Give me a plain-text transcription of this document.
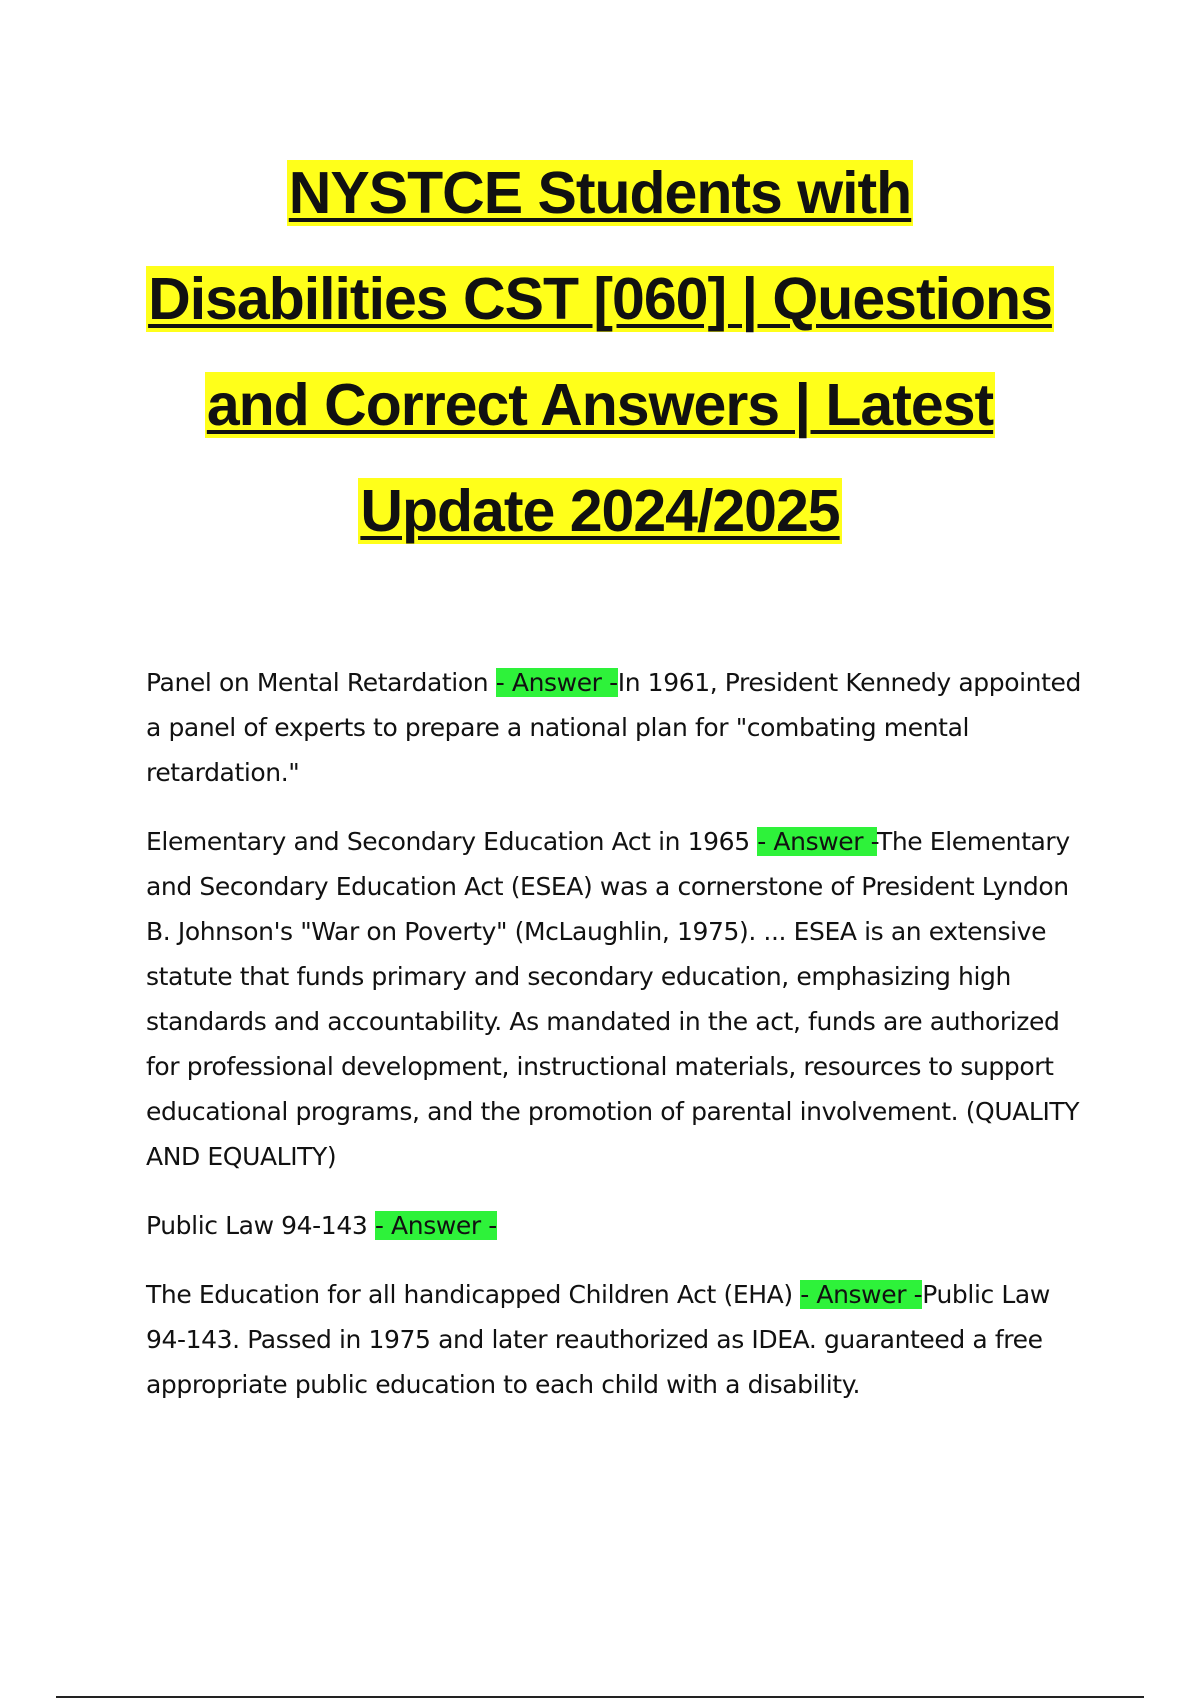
NYSTCE Students with
Disabilities CST [060] | Questions
and Correct Answers | Latest
Update 2024/2025

Panel on Mental Retardation - Answer -In 1961, President Kennedy appointed a panel of experts to prepare a national plan for "combating mental retardation."

Elementary and Secondary Education Act in 1965 - Answer -The Elementary and Secondary Education Act (ESEA) was a cornerstone of President Lyndon B. Johnson's "War on Poverty" (McLaughlin, 1975). ... ESEA is an extensive statute that funds primary and secondary education, emphasizing high standards and accountability. As mandated in the act, funds are authorized for professional development, instructional materials, resources to support educational programs, and the promotion of parental involvement. (QUALITY AND EQUALITY)

Public Law 94-143 - Answer -

The Education for all handicapped Children Act (EHA) - Answer -Public Law 94-143. Passed in 1975 and later reauthorized as IDEA. guaranteed a free appropriate public education to each child with a disability.
